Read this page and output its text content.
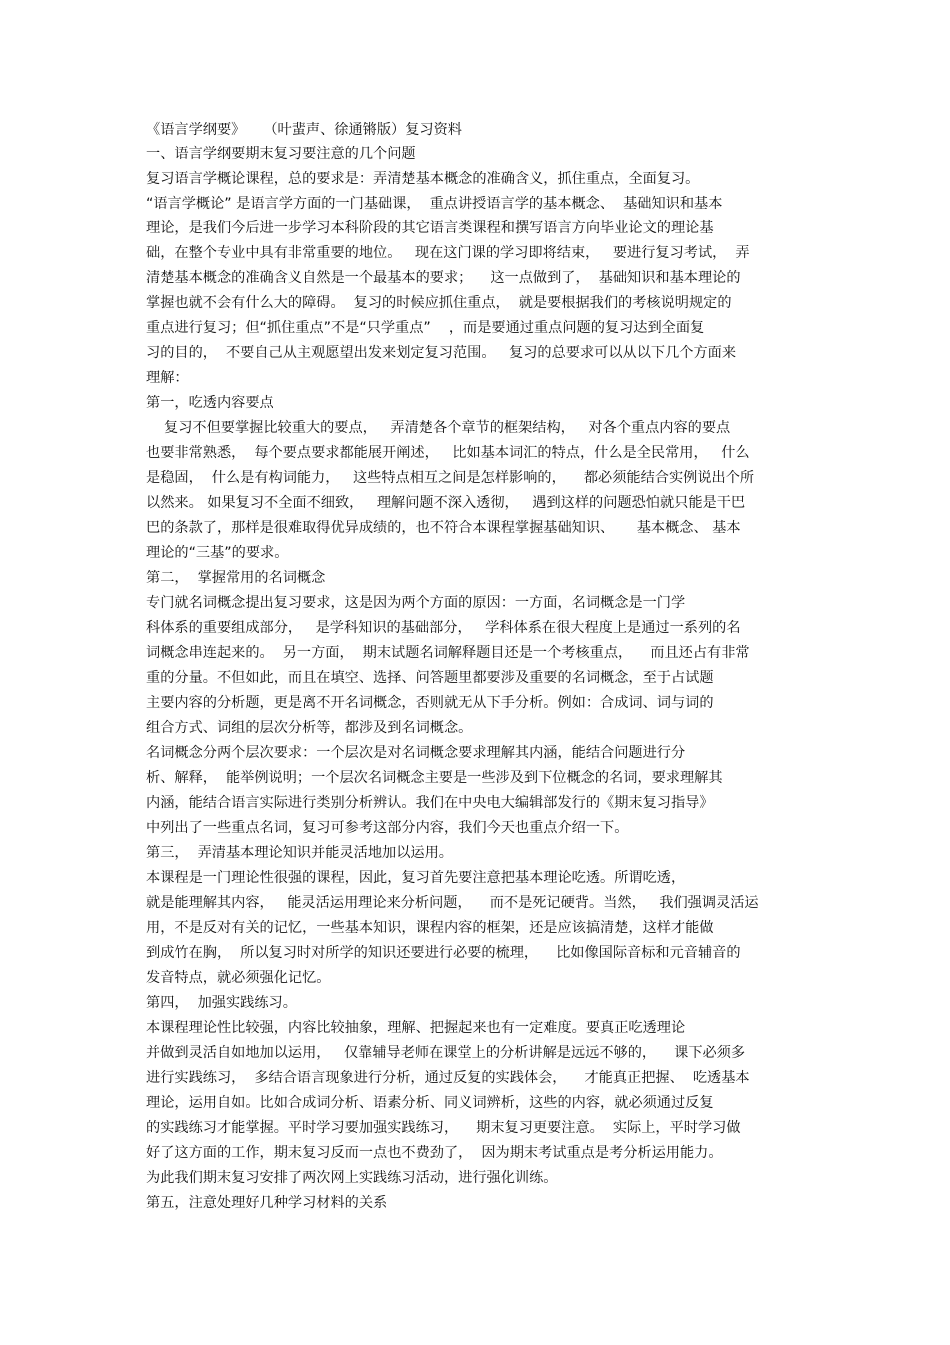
《语言学纲要》    （叶蜚声、徐通锵版）复习资料
一、语言学纲要期末复习要注意的几个问题
复习语言学概论课程，总的要求是：弄清楚基本概念的准确含义，抓住重点，全面复习。
“语言学概论” 是语言学方面的一门基础课，  重点讲授语言学的基本概念、  基础知识和基本
理论，是我们今后进一步学习本科阶段的其它语言类课程和撰写语言方向毕业论文的理论基
础，在整个专业中具有非常重要的地位。   现在这门课的学习即将结束，   要进行复习考试，  弄
清楚基本概念的准确含义自然是一个最基本的要求；    这一点做到了，  基础知识和基本理论的
掌握也就不会有什么大的障碍。  复习的时候应抓住重点，  就是要根据我们的考核说明规定的
重点进行复习；但“抓住重点”不是“只学重点”    ，而是要通过重点问题的复习达到全面复
习的目的，  不要自己从主观愿望出发来划定复习范围。   复习的总要求可以从以下几个方面来
理解：
第一，吃透内容要点
复习不但要掌握比较重大的要点，   弄清楚各个章节的框架结构，   对各个重点内容的要点
也要非常熟悉，  每个要点要求都能展开阐述，   比如基本词汇的特点，什么是全民常用，   什么
是稳固，  什么是有构词能力，   这些特点相互之间是怎样影响的，    都必须能结合实例说出个所
以然来。 如果复习不全面不细致，   理解问题不深入透彻，   遇到这样的问题恐怕就只能是干巴
巴的条款了，那样是很难取得优异成绩的，也不符合本课程掌握基础知识、     基本概念、 基本
理论的“三基”的要求。
第二，  掌握常用的名词概念
专门就名词概念提出复习要求，这是因为两个方面的原因：一方面，名词概念是一门学
科体系的重要组成部分，   是学科知识的基础部分，   学科体系在很大程度上是通过一系列的名
词概念串连起来的。  另一方面，  期末试题名词解释题目还是一个考核重点，    而且还占有非常
重的分量。不但如此，而且在填空、选择、问答题里都要涉及重要的名词概念，至于占试题
主要内容的分析题，更是离不开名词概念，否则就无从下手分析。例如：合成词、词与词的
组合方式、词组的层次分析等，都涉及到名词概念。
名词概念分两个层次要求：一个层次是对名词概念要求理解其内涵，能结合问题进行分
析、解释，  能举例说明；一个层次名词概念主要是一些涉及到下位概念的名词，要求理解其
内涵，能结合语言实际进行类别分析辨认。我们在中央电大编辑部发行的《期末复习指导》
中列出了一些重点名词，复习可参考这部分内容，我们今天也重点介绍一下。
第三，  弄清基本理论知识并能灵活地加以运用。
本课程是一门理论性很强的课程，因此，复习首先要注意把基本理论吃透。所谓吃透，
就是能理解其内容，   能灵活运用理论来分析问题，    而不是死记硬背。当然，   我们强调灵活运
用，不是反对有关的记忆，一些基本知识，课程内容的框架，还是应该搞清楚，这样才能做
到成竹在胸，  所以复习时对所学的知识还要进行必要的梳理，    比如像国际音标和元音辅音的
发音特点，就必须强化记忆。
第四，  加强实践练习。
本课程理论性比较强，内容比较抽象，理解、把握起来也有一定难度。要真正吃透理论
并做到灵活自如地加以运用，   仅靠辅导老师在课堂上的分析讲解是远远不够的，    课下必须多
进行实践练习，  多结合语言现象进行分析，通过反复的实践体会，    才能真正把握、  吃透基本
理论，运用自如。比如合成词分析、语素分析、同义词辨析，这些的内容，就必须通过反复
的实践练习才能掌握。平时学习要加强实践练习，    期末复习更要注意。  实际上，平时学习做
好了这方面的工作，期末复习反而一点也不费劲了，  因为期末考试重点是考分析运用能力。
为此我们期末复习安排了两次网上实践练习活动，进行强化训练。
第五，注意处理好几种学习材料的关系
